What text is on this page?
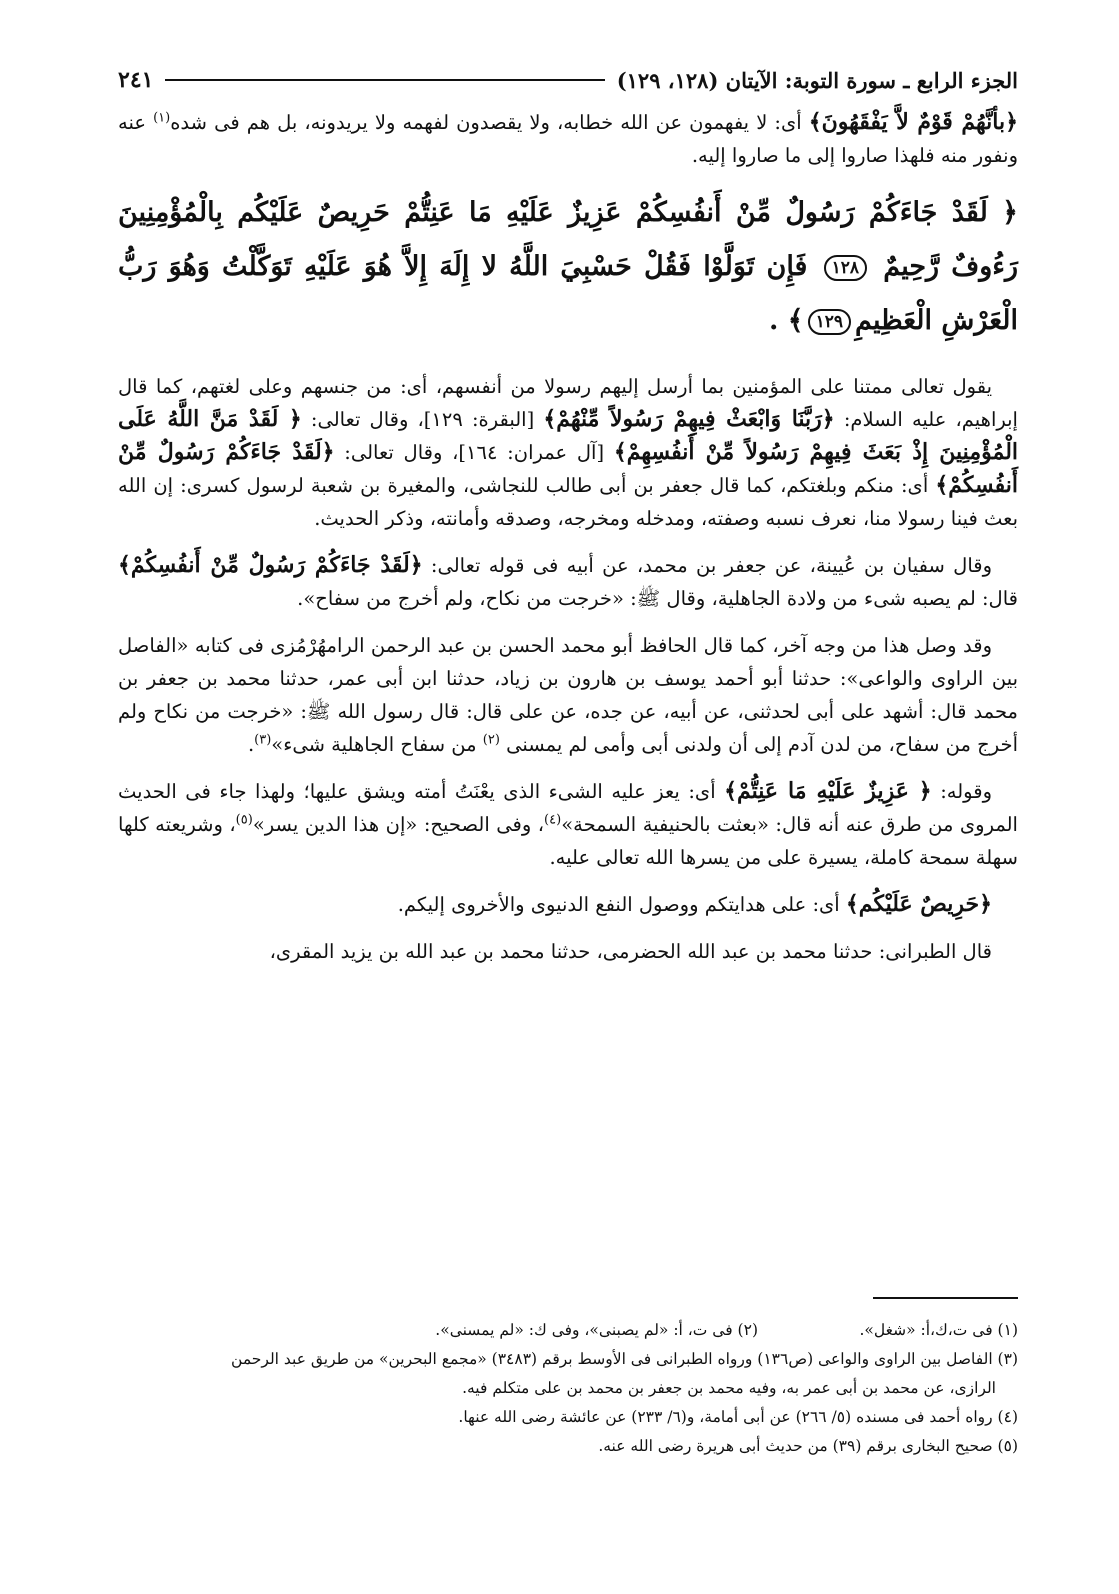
الجزء الرابع ـ سورة التوبة: الآيتان (١٢٨، ١٢٩)
٢٤١

﴿بأنَّهُمْ قَوْمٌ لاَّ يَفْقَهُونَ﴾ أى: لا يفهمون عن الله خطابه، ولا يقصدون لفهمه ولا يريدونه، بل هم فى شده$^{(١)}$ عنه ونفور منه فلهذا صاروا إلى ما صاروا إليه.

﴿ لَقَدْ جَاءَكُمْ رَسُولٌ مِّنْ أَنفُسِكُمْ عَزِيزٌ عَلَيْهِ مَا عَنِتُّمْ حَرِيصٌ عَلَيْكُم بِالْمُؤْمِنِينَ رَءُوفٌ رَّحِيمٌ ١٢٨ فَإِن تَوَلَّوْا فَقُلْ حَسْبِيَ اللَّهُ لا إِلَهَ إِلاَّ هُوَ عَلَيْهِ تَوَكَّلْتُ وَهُوَ رَبُّ الْعَرْشِ الْعَظِيمِ١٢٩﴾ .

يقول تعالى ممتنا على المؤمنين بما أرسل إليهم رسولا من أنفسهم، أى: من جنسهم وعلى لغتهم، كما قال إبراهيم، عليه السلام: ﴿رَبَّنَا وَابْعَثْ فِيهِمْ رَسُولاً مِّنْهُمْ﴾ [البقرة: ١٢٩]، وقال تعالى: ﴿ لَقَدْ مَنَّ اللَّهُ عَلَى الْمُؤْمِنِينَ إِذْ بَعَثَ فِيهِمْ رَسُولاً مِّنْ أَنفُسِهِمْ﴾ [آل عمران: ١٦٤]، وقال تعالى: ﴿لَقَدْ جَاءَكُمْ رَسُولٌ مِّنْ أَنفُسِكُمْ﴾ أى: منكم وبلغتكم، كما قال جعفر بن أبى طالب للنجاشى، والمغيرة بن شعبة لرسول كسرى: إن الله بعث فينا رسولا منا، نعرف نسبه وصفته، ومدخله ومخرجه، وصدقه وأمانته، وذكر الحديث.

وقال سفيان بن عُيينة، عن جعفر بن محمد، عن أبيه فى قوله تعالى: ﴿لَقَدْ جَاءَكُمْ رَسُولٌ مِّنْ أَنفُسِكُمْ﴾ قال: لم يصبه شىء من ولادة الجاهلية، وقال ﷺ: «خرجت من نكاح، ولم أخرج من سفاح».

وقد وصل هذا من وجه آخر، كما قال الحافظ أبو محمد الحسن بن عبد الرحمن الرامهُرْمُزى فى كتابه «الفاصل بين الراوى والواعى»: حدثنا أبو أحمد يوسف بن هارون بن زياد، حدثنا ابن أبى عمر، حدثنا محمد بن جعفر بن محمد قال: أشهد على أبى لحدثنى، عن أبيه، عن جده، عن على قال: قال رسول الله ﷺ: «خرجت من نكاح ولم أخرج من سفاح، من لدن آدم إلى أن ولدنى أبى وأمى لم يمسنى $^{(٢)}$ من سفاح الجاهلية شىء»$^{(٣)}$.

وقوله: ﴿ عَزِيزٌ عَلَيْهِ مَا عَنِتُّمْ﴾ أى: يعز عليه الشىء الذى يعْنَتُ أمته ويشق عليها؛ ولهذا جاء فى الحديث المروى من طرق عنه أنه قال: «بعثت بالحنيفية السمحة»$^{(٤)}$، وفى الصحيح: «إن هذا الدين يسر»$^{(٥)}$، وشريعته كلها سهلة سمحة كاملة، يسيرة على من يسرها الله تعالى عليه.

﴿حَرِيصٌ عَلَيْكُم﴾ أى: على هدايتكم ووصول النفع الدنيوى والأخروى إليكم.

قال الطبرانى: حدثنا محمد بن عبد الله الحضرمى، حدثنا محمد بن عبد الله بن يزيد المقرى،

(١) فى ت،ك،أ: «شغل».
(٢) فى ت، أ: «لم يصبنى»، وفى ك: «لم يمسنى».

(٣) الفاصل بين الراوى والواعى (ص١٣٦) ورواه الطبرانى فى الأوسط برقم (٣٤٨٣) «مجمع البحرين» من طريق عبد الرحمن

الرازى، عن محمد بن أبى عمر به، وفيه محمد بن جعفر بن محمد بن على متكلم فيه.

(٤) رواه أحمد فى مسنده (٥/ ٢٦٦) عن أبى أمامة، و(٦/ ٢٣٣) عن عائشة رضى الله عنها.

(٥) صحيح البخارى برقم (٣٩) من حديث أبى هريرة رضى الله عنه.
